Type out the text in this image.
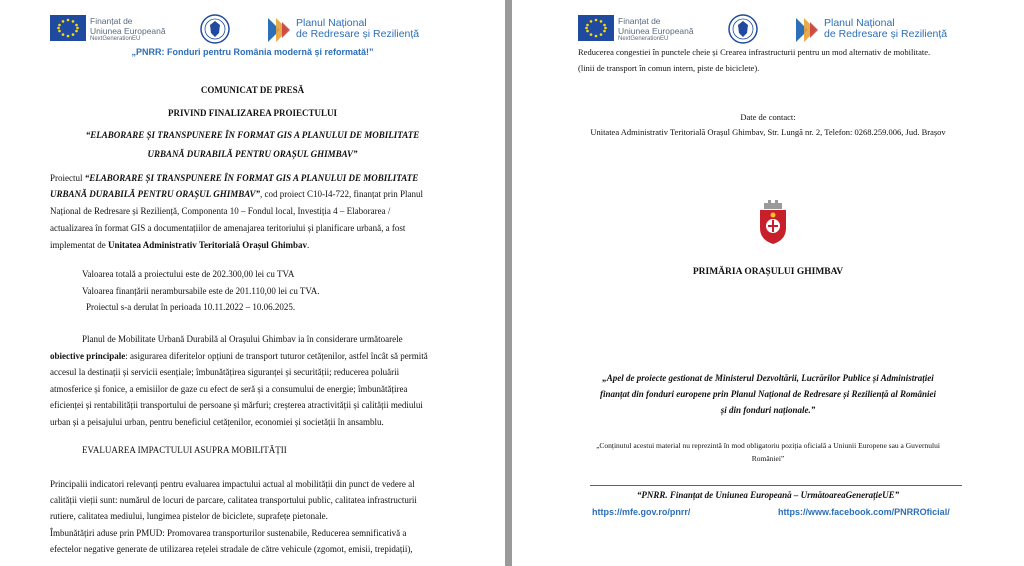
Finanțat de
Uniunea Europeană
NextGenerationEU
Planul Național
de Redresare și Reziliență
„PNRR: Fonduri pentru România modernă și reformată!”
COMUNICAT DE PRESĂ
PRIVIND FINALIZAREA PROIECTULUI
“ELABORARE ȘI TRANSPUNERE ÎN FORMAT GIS A PLANULUI DE MOBILITATE
URBANĂ DURABILĂ PENTRU ORAȘUL GHIMBAV”
Proiectul “ELABORARE ȘI TRANSPUNERE ÎN FORMAT GIS A PLANULUI DE MOBILITATE
URBANĂ DURABILĂ PENTRU ORAȘUL GHIMBAV”, cod proiect C10-I4-722, finanțat prin Planul
Național de Redresare și Reziliență, Componenta 10 – Fondul local, Investiția 4 – Elaborarea /
actualizarea în format GIS a documentațiilor de amenajarea teritoriului și planificare urbană, a fost
implementat de Unitatea Administrativ Teritorială Orașul Ghimbav.
Valoarea totală a proiectului este de 202.300,00 lei cu TVA
Valoarea finanțării nerambursabile este de 201.110,00 lei cu TVA.
Proiectul s-a derulat în perioada 10.11.2022 – 10.06.2025.
Planul de Mobilitate Urbană Durabilă al Orașului Ghimbav ia în considerare următoarele
obiective principale: asigurarea diferitelor opțiuni de transport tuturor cetățenilor, astfel încât să permită
accesul la destinații și servicii esențiale; îmbunătățirea siguranței și securității; reducerea poluării
atmosferice și fonice, a emisiilor de gaze cu efect de seră și a consumului de energie; îmbunătățirea
eficienței și rentabilității transportului de persoane și mărfuri; creșterea atractivității și calității mediului
urban și a peisajului urban, pentru beneficiul cetățenilor, economiei și societății în ansamblu.
EVALUAREA IMPACTULUI ASUPRA MOBILITĂȚII
Principalii indicatori relevanți pentru evaluarea impactului actual al mobilității din punct de vedere al
calității vieții sunt: numărul de locuri de parcare, calitatea transportului public, calitatea infrastructurii
rutiere, calitatea mediului, lungimea pistelor de biciclete, suprafețe pietonale.
Îmbunătățiri aduse prin PMUD: Promovarea transporturilor sustenabile, Reducerea semnificativă a
efectelor negative generate de utilizarea rețelei stradale de către vehicule (zgomot, emisii, trepidații),
Finanțat de
Uniunea Europeană
NextGenerationEU
Planul Național
de Redresare și Reziliență
Reducerea congestiei în punctele cheie și Crearea infrastructurii pentru un mod alternativ de mobilitate.
(linii de transport în comun intern, piste de biciclete).
Date de contact:
Unitatea Administrativ Teritorială Orașul Ghimbav, Str. Lungă nr. 2, Telefon: 0268.259.006, Jud. Brașov
PRIMĂRIA ORAȘULUI GHIMBAV
„Apel de proiecte gestionat de Ministerul Dezvoltării, Lucrărilor Publice și Administrației
finanțat din fonduri europene prin Planul Național de Redresare și Reziliență al României
și din fonduri naționale.”
„Conținutul acestui material nu reprezintă în mod obligatoriu poziția oficială a Uniunii Europene sau a Guvernului
României”
“PNRR. Finanțat de Uniunea Europeană – UrmătoareaGenerațieUE”
https://mfe.gov.ro/pnrr/	https://www.facebook.com/PNRROficial/
